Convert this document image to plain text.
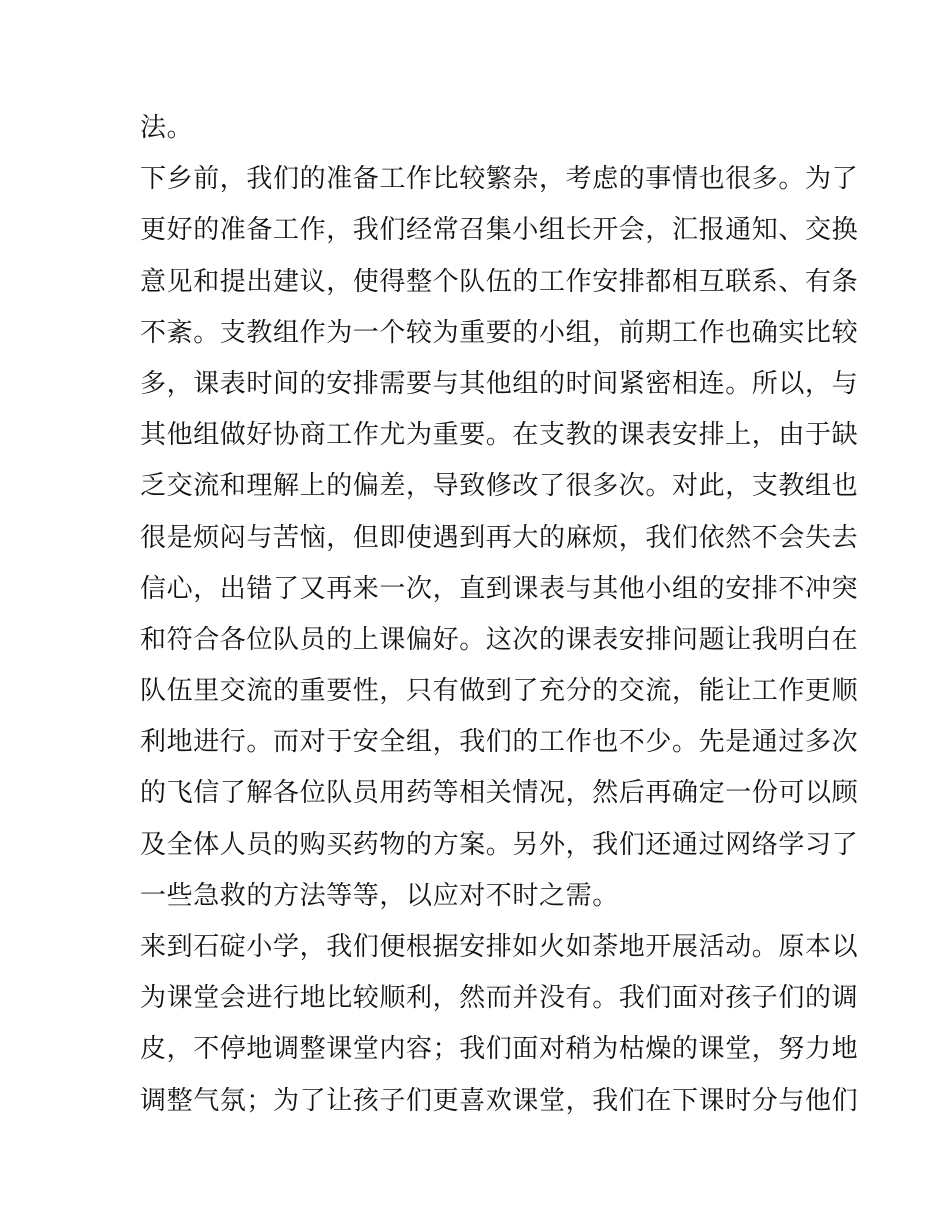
法。
下乡前，我们的准备工作比较繁杂，考虑的事情也很多。为了
更好的准备工作，我们经常召集小组长开会，汇报通知、交换
意见和提出建议，使得整个队伍的工作安排都相互联系、有条
不紊。支教组作为一个较为重要的小组，前期工作也确实比较
多，课表时间的安排需要与其他组的时间紧密相连。所以，与
其他组做好协商工作尤为重要。在支教的课表安排上，由于缺
乏交流和理解上的偏差，导致修改了很多次。对此，支教组也
很是烦闷与苦恼，但即使遇到再大的麻烦，我们依然不会失去
信心，出错了又再来一次，直到课表与其他小组的安排不冲突
和符合各位队员的上课偏好。这次的课表安排问题让我明白在
队伍里交流的重要性，只有做到了充分的交流，能让工作更顺
利地进行。而对于安全组，我们的工作也不少。先是通过多次
的飞信了解各位队员用药等相关情况，然后再确定一份可以顾
及全体人员的购买药物的方案。另外，我们还通过网络学习了
一些急救的方法等等，以应对不时之需。
来到石碇小学，我们便根据安排如火如荼地开展活动。原本以
为课堂会进行地比较顺利，然而并没有。我们面对孩子们的调
皮，不停地调整课堂内容；我们面对稍为枯燥的课堂，努力地
调整气氛；为了让孩子们更喜欢课堂，我们在下课时分与他们
